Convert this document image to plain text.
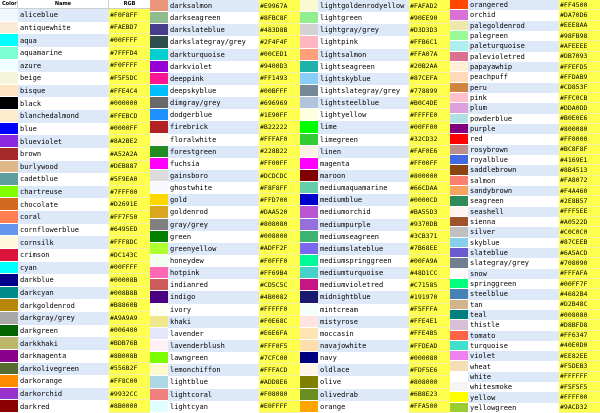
Color	Name	RGB
aliceblue	#F0F8FF
antiquewhite	#FAEBD7
aqua	#00FFFF
aquamarine	#7FFFD4
azure	#F0FFFF
beige	#F5F5DC
bisque	#FFE4C4
black	#000000
blanchedalmond	#FFEBCD
blue	#0000FF
blueviolet	#8A2BE2
brown	#A52A2A
burlywood	#DEB887
cadetblue	#5F9EA0
chartreuse	#7FFF00
chocolate	#D2691E
coral	#FF7F50
cornflowerblue	#6495ED
cornsilk	#FFF8DC
crimson	#DC143C
cyan	#00FFFF
darkblue	#00008B
darkcyan	#008B8B
darkgoldenrod	#B8860B
darkgray/grey	#A9A9A9
darkgreen	#006400
darkkhaki	#BDB76B
darkmagenta	#8B008B
darkolivegreen	#556B2F
darkorange	#FF8C00
darkorchid	#9932CC
darkred	#8B0000
darksalmon	#E9967A
darkseagreen	#8FBC8F
darkslateblue	#483D8B
darkslategray/grey	#2F4F4F
darkturquoise	#00CED1
darkviolet	#9400D3
deeppink	#FF1493
deepskyblue	#00BFFF
dimgray/grey	#696969
dodgerblue	#1E90FF
firebrick	#B22222
floralwhite	#FFFAF0
forestgreen	#228B22
fuchsia	#FF00FF
gainsboro	#DCDCDC
ghostwhite	#F8F8FF
gold	#FFD700
goldenrod	#DAA520
gray/grey	#808080
green	#008000
greenyellow	#ADFF2F
honeydew	#F0FFF0
hotpink	#FF69B4
indianred	#CD5C5C
indigo	#4B0082
ivory	#FFFFF0
khaki	#F0E68C
lavender	#E6E6FA
lavenderblush	#FFF0F5
lawngreen	#7CFC00
lemonchiffon	#FFFACD
lightblue	#ADD8E6
lightcoral	#F08080
lightcyan	#E0FFFF
lightgoldenrodyellow #FAFAD2
lightgreen	#90EE90
lightgray/grey	#D3D3D3
lightpink	#FFB6C1
lightsalmon	#FFA07A
lightseagreen	#20B2AA
lightskyblue	#87CEFA
lightslategray/grey	#778899
lightsteelblue	#B0C4DE
lightyellow	#FFFFE0
lime	#00FF00
limegreen	#32CD32
linen	#FAF0E6
magenta	#FF00FF
maroon	#800000
mediumaquamarine	#66CDAA
mediumblue	#0000CD
mediumorchid	#BA55D3
mediumpurple	#9370DB
mediumseagreen	#3CB371
mediumslateblue	#7B68EE
mediumspringgreen	#00FA9A
mediumturquoise	#48D1CC
mediumvioletred	#C71585
midnightblue	#191970
mintcream	#F5FFFA
mistyrose	#FFE4E1
moccasin	#FFE4B5
navajowhite	#FFDEAD
navy	#000080
oldlace	#FDF5E6
olive	#808000
olivedrab	#6B8E23
orange	#FFA500
orangered	#FF4500
orchid	#DA70D6
palegoldenrod	#EEE8AA
palegreen	#98FB98
paleturquoise	#AFEEEE
palevioletred	#DB7093
papayawhip	#FFEFD5
peachpuff	#FFDAB9
peru	#CD853F
pink	#FFC0CB
plum	#DDA0DD
powderblue	#B0E0E6
purple	#800080
red	#FF0000
rosybrown	#BC8F8F
royalblue	#4169E1
saddlebrown	#8B4513
salmon	#FA8072
sandybrown	#F4A460
seagreen	#2E8B57
seashell	#FFF5EE
sienna	#A0522D
silver	#C0C0C0
skyblue	#87CEEB
slateblue	#6A5ACD
slategray/grey	#708090
snow	#FFFAFA
springgreen	#00FF7F
steelblue	#4682B4
tan	#D2B48C
teal	#008080
thistle	#D8BFD8
tomato	#FF6347
turquoise	#40E0D0
violet	#EE82EE
wheat	#F5DEB3
white	#FFFFFF
whitesmoke	#F5F5F5
yellow	#FFFF00
yellowgreen	#9ACD32
